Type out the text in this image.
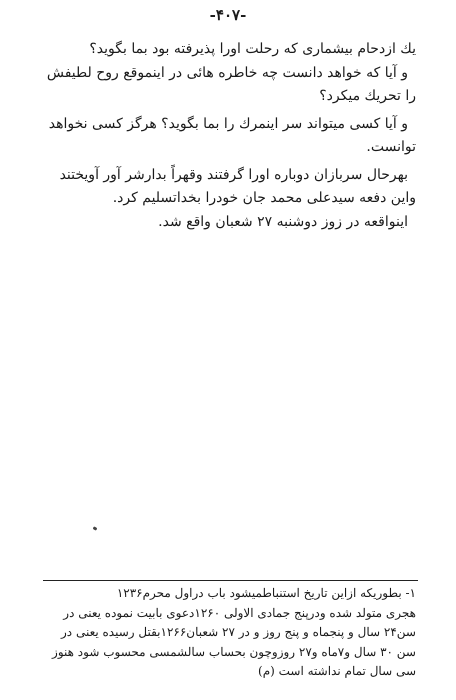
-۴۰۷-

یك ازدحام بیشماری که رحلت اورا پذیرفته بود بما بگوید؟

و آیا که خواهد دانست چه خاطره هائی در اینموقع روح لطیفش

را تحریك میکرد؟

و آیا کسی میتواند سر اینمرك را بما بگوید؟ هرگز کسی نخواهد

توانست.

بهرحال سربازان دوباره اورا گرفتند وقهراً بدارشر آور آویختند

واین دفعه سیدعلی محمد جان خودرا بخداتسلیم کرد.

اینواقعه در زوز دوشنبه ۲۷ شعبان واقع شد.

۱- بطوریکه ازاین تاریخ استنباطمیشود باب دراول محرم۱۲۳۶

هجری متولد شده ودرپنج جمادی الاولی ۱۲۶۰دعوی بابیت نموده یعنی در

سن۲۴ سال و پنجماه و پنج روز و در ۲۷ شعبان۱۲۶۶بقتل رسیده یعنی در

سن ۳۰ سال و۷ماه و۲۷ روزوچون بحساب سالشمسی محسوب شود هنوز

سی سال تمام نداشته است (م)
